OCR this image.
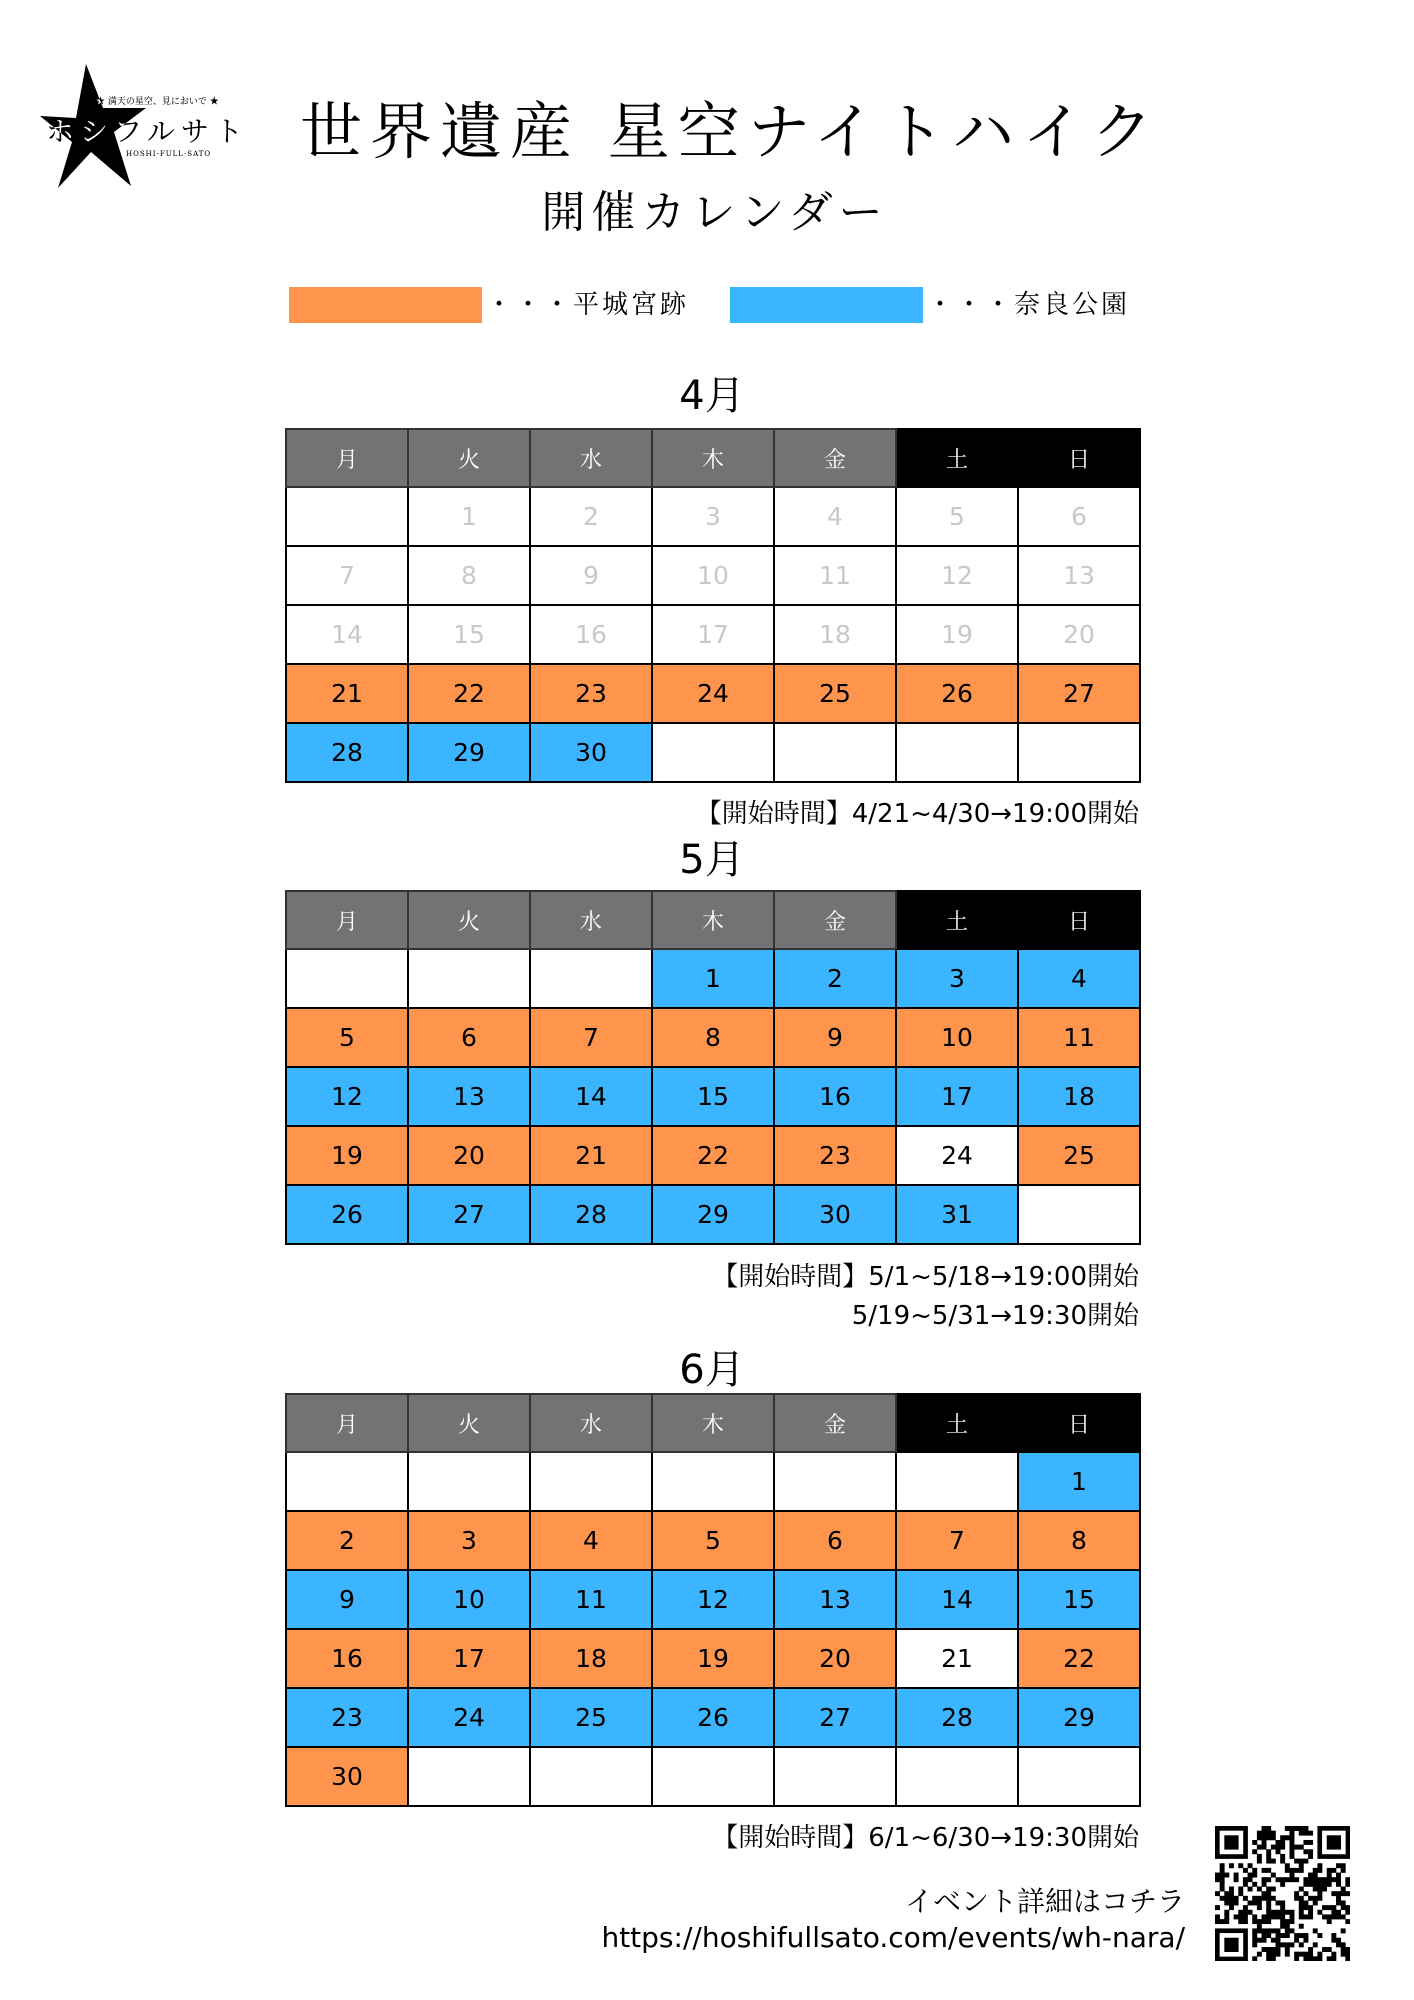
★ 満天の星空、見においで ★
ホシフルサト
HOSHI-FULL-SATO 世界遺産 星空ナイトハイク
開催カレンダー
・・・平城宮跡	・・・奈良公園
4月
月	火	水	木	金	土	日
	1	2	3	4	5	6
7	8	9	10	11	12	13
14	15	16	17	18	19	20
21	22	23	24	25	26	27
28	29	30				
【開始時間】4/21~4/30→19:00開始
5月
月	火	水	木	金	土	日
			1	2	3	4
5	6	7	8	9	10	11
12	13	14	15	16	17	18
19	20	21	22	23	24	25
26	27	28	29	30	31	
【開始時間】5/1~5/18→19:00開始
5/19~5/31→19:30開始
6月
月	火	水	木	金	土	日
						1
2	3	4	5	6	7	8
9	10	11	12	13	14	15
16	17	18	19	20	21	22
23	24	25	26	27	28	29
30						
【開始時間】6/1~6/30→19:30開始
イベント詳細はコチラ
https://hoshifullsato.com/events/wh-nara/
